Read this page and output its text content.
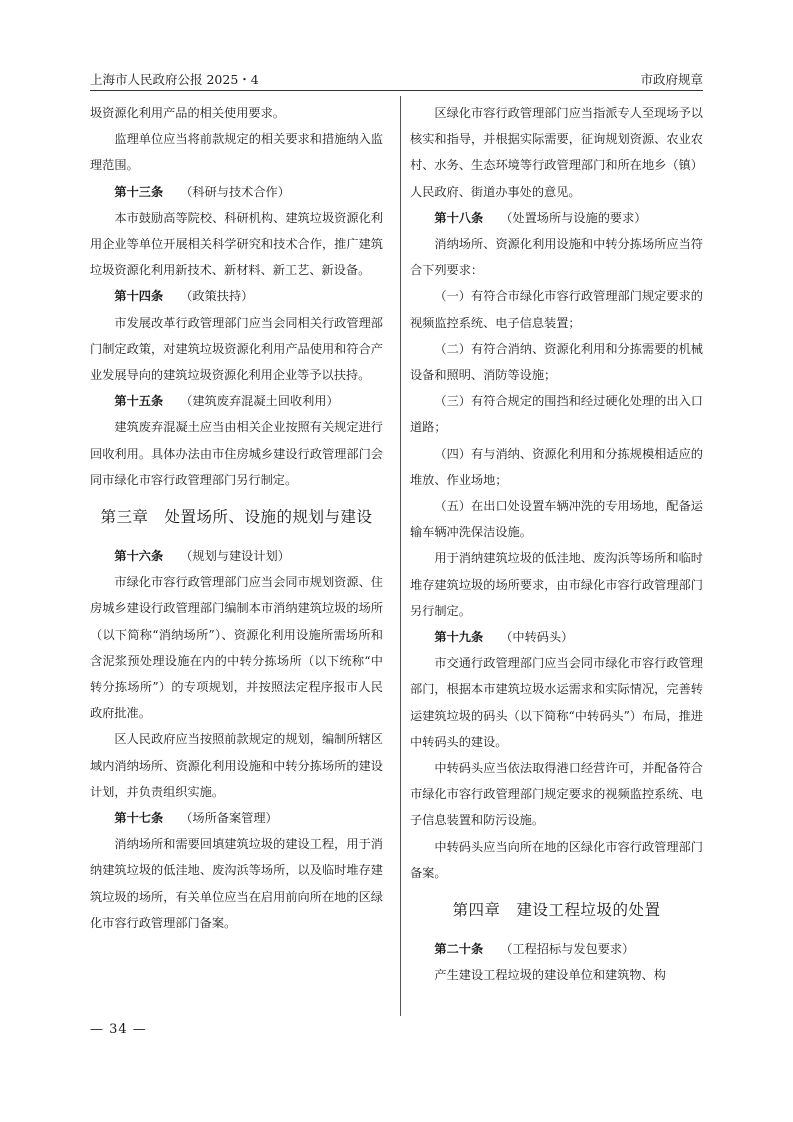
上海市人民政府公报 2025・4	市政府规章

圾资源化利用产品的相关使用要求。

监理单位应当将前款规定的相关要求和措施纳入监理范围。

第十三条 （科研与技术合作）

本市鼓励高等院校、科研机构、建筑垃圾资源化利用企业等单位开展相关科学研究和技术合作，推广建筑垃圾资源化利用新技术、新材料、新工艺、新设备。

第十四条 （政策扶持）

市发展改革行政管理部门应当会同相关行政管理部门制定政策，对建筑垃圾资源化利用产品使用和符合产业发展导向的建筑垃圾资源化利用企业等予以扶持。

第十五条 （建筑废弃混凝土回收利用）

建筑废弃混凝土应当由相关企业按照有关规定进行回收利用。具体办法由市住房城乡建设行政管理部门会同市绿化市容行政管理部门另行制定。

第三章　处置场所、设施的规划与建设

第十六条 （规划与建设计划）

市绿化市容行政管理部门应当会同市规划资源、住房城乡建设行政管理部门编制本市消纳建筑垃圾的场所（以下简称“消纳场所”）、资源化利用设施所需场所和含泥浆预处理设施在内的中转分拣场所（以下统称“中转分拣场所”）的专项规划，并按照法定程序报市人民政府批准。

区人民政府应当按照前款规定的规划，编制所辖区域内消纳场所、资源化利用设施和中转分拣场所的建设计划，并负责组织实施。

第十七条 （场所备案管理）

消纳场所和需要回填建筑垃圾的建设工程，用于消纳建筑垃圾的低洼地、废沟浜等场所，以及临时堆存建筑垃圾的场所，有关单位应当在启用前向所在地的区绿化市容行政管理部门备案。

区绿化市容行政管理部门应当指派专人至现场予以核实和指导，并根据实际需要，征询规划资源、农业农村、水务、生态环境等行政管理部门和所在地乡（镇）人民政府、街道办事处的意见。

第十八条 （处置场所与设施的要求）

消纳场所、资源化利用设施和中转分拣场所应当符合下列要求：

（一）有符合市绿化市容行政管理部门规定要求的视频监控系统、电子信息装置；

（二）有符合消纳、资源化利用和分拣需要的机械设备和照明、消防等设施；

（三）有符合规定的围挡和经过硬化处理的出入口道路；

（四）有与消纳、资源化利用和分拣规模相适应的堆放、作业场地；

（五）在出口处设置车辆冲洗的专用场地，配备运输车辆冲洗保洁设施。

用于消纳建筑垃圾的低洼地、废沟浜等场所和临时堆存建筑垃圾的场所要求，由市绿化市容行政管理部门另行制定。

第十九条 （中转码头）

市交通行政管理部门应当会同市绿化市容行政管理部门，根据本市建筑垃圾水运需求和实际情况，完善转运建筑垃圾的码头（以下简称“中转码头”）布局，推进中转码头的建设。

中转码头应当依法取得港口经营许可，并配备符合市绿化市容行政管理部门规定要求的视频监控系统、电子信息装置和防污设施。

中转码头应当向所在地的区绿化市容行政管理部门备案。

第四章　建设工程垃圾的处置

第二十条 （工程招标与发包要求）

产生建设工程垃圾的建设单位和建筑物、构

— 34 —
